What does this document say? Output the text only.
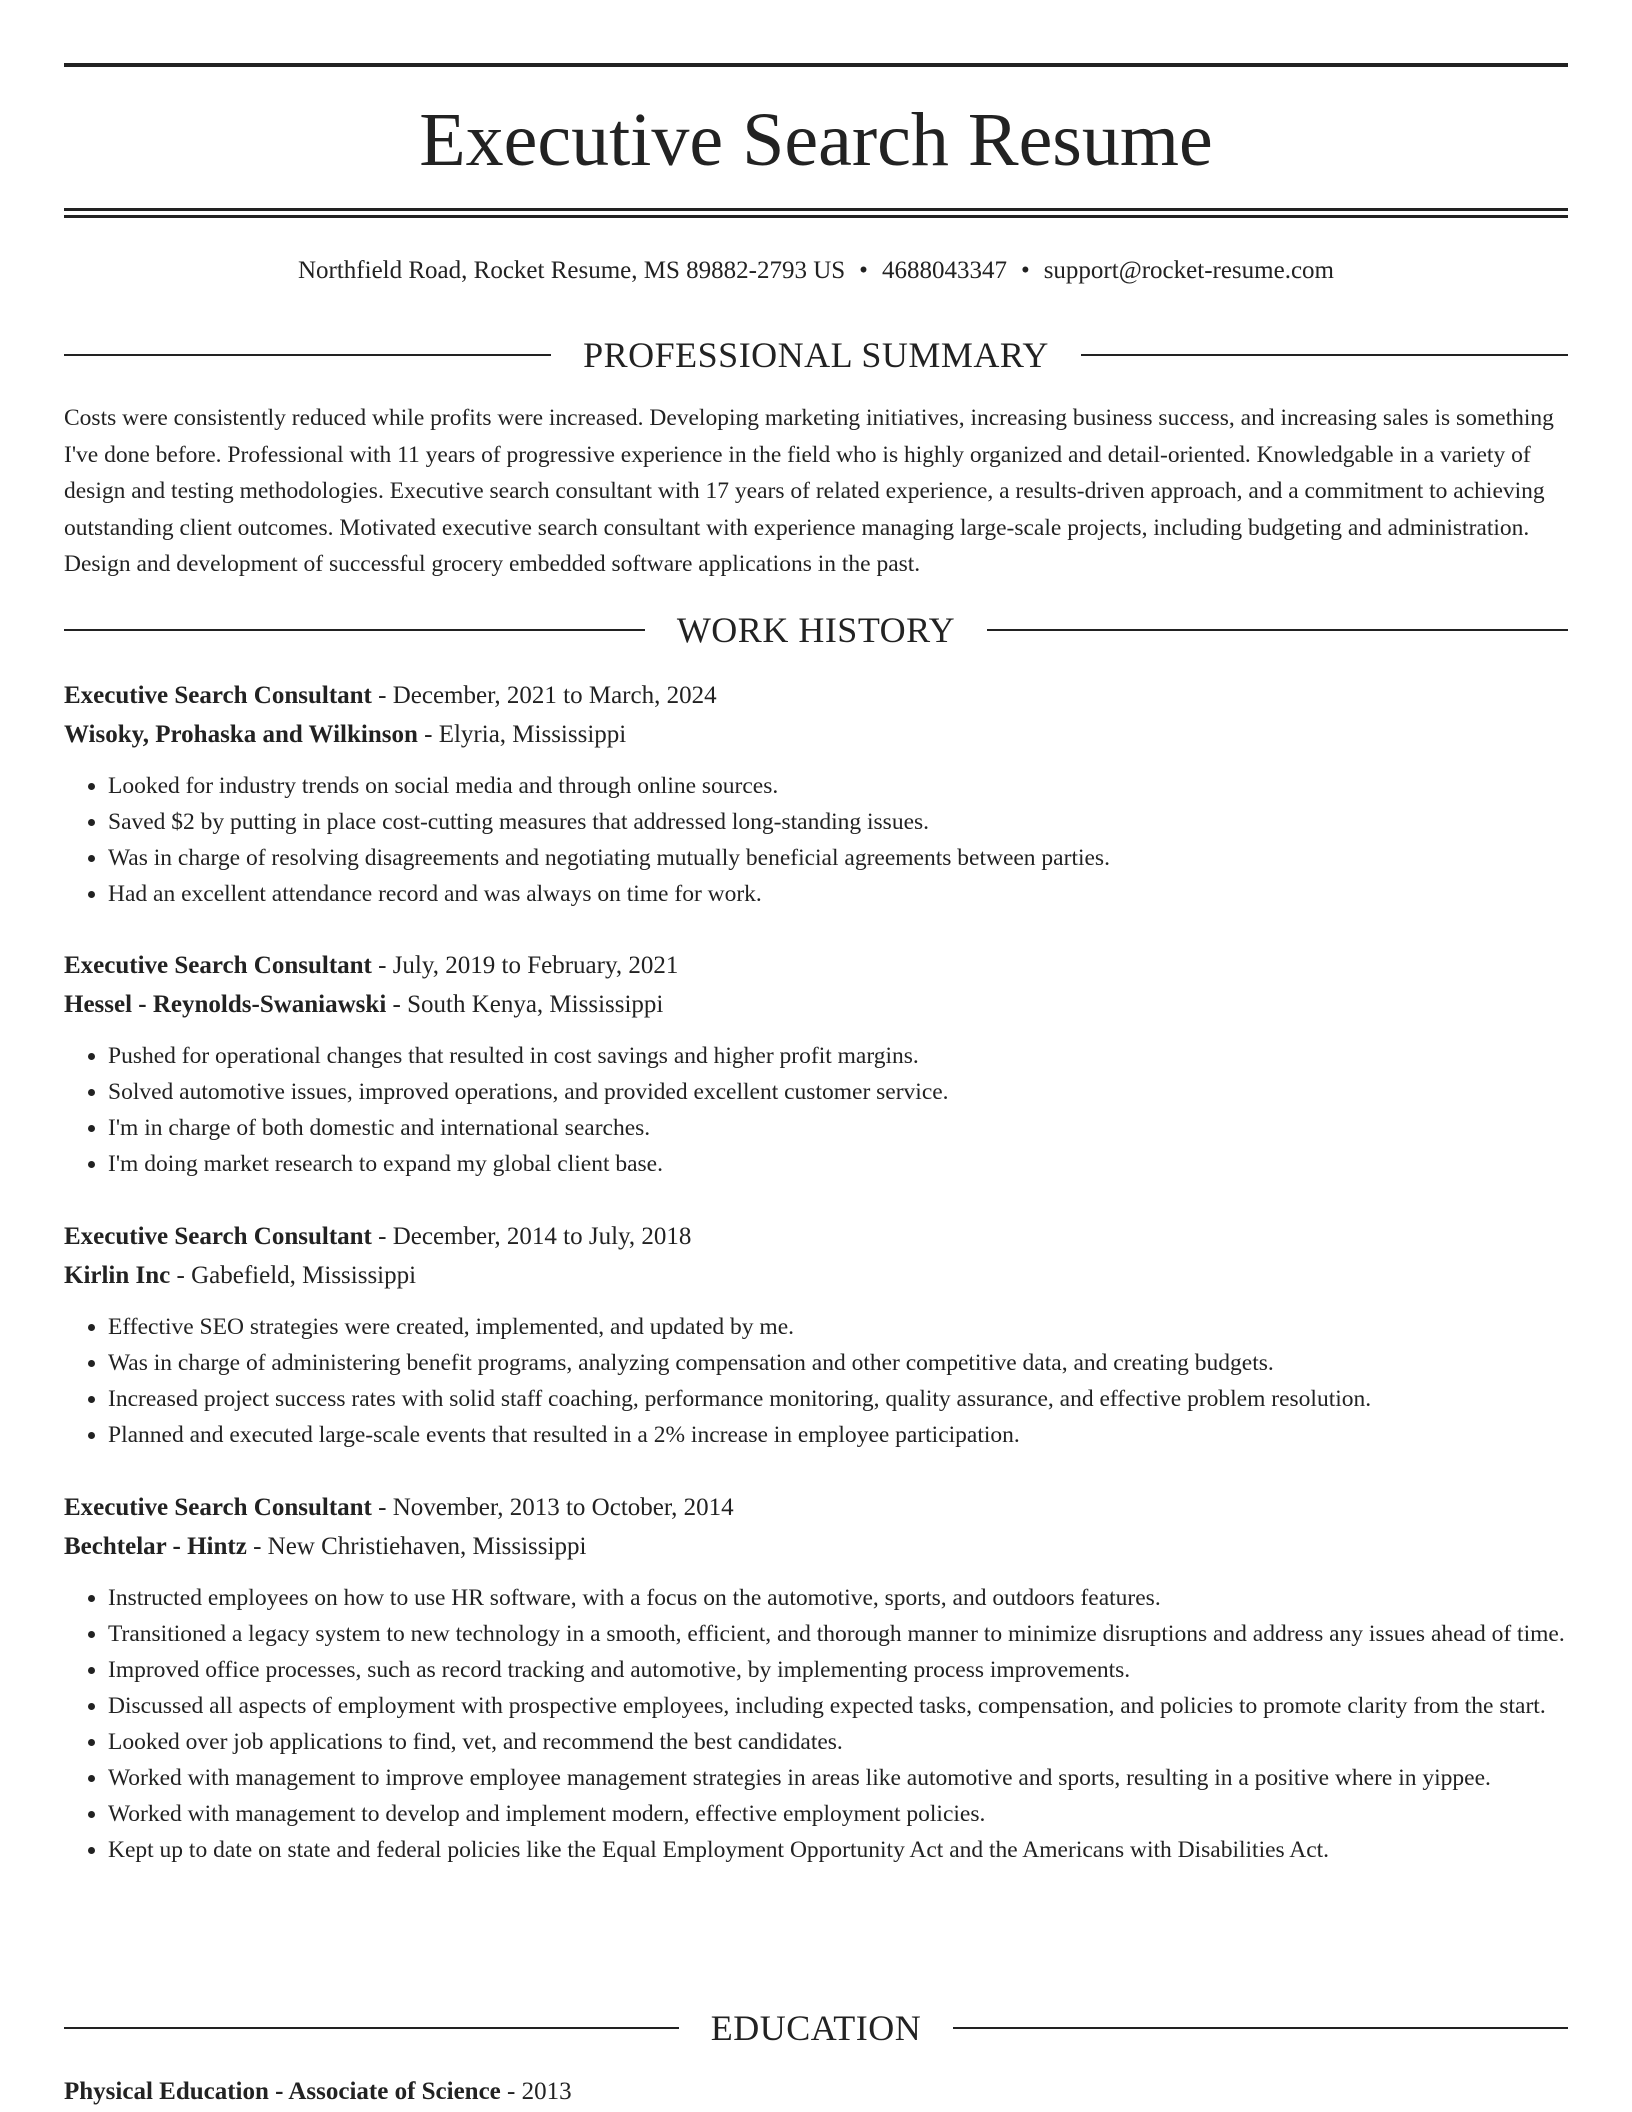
Executive Search Resume
Northfield Road, Rocket Resume, MS 89882-2793 US • 4688043347 • support@rocket-resume.com
PROFESSIONAL SUMMARY

Costs were consistently reduced while profits were increased. Developing marketing initiatives, increasing business success, and increasing sales is something I've done before. Professional with 11 years of progressive experience in the field who is highly organized and detail-oriented. Knowledgable in a variety of design and testing methodologies. Executive search consultant with 17 years of related experience, a results-driven approach, and a commitment to achieving outstanding client outcomes. Motivated executive search consultant with experience managing large-scale projects, including budgeting and administration. Design and development of successful grocery embedded software applications in the past.

WORK HISTORY
Executive Search Consultant - December, 2021 to March, 2024
Wisoky, Prohaska and Wilkinson - Elyria, Mississippi
• Looked for industry trends on social media and through online sources.
• Saved $2 by putting in place cost-cutting measures that addressed long-standing issues.
• Was in charge of resolving disagreements and negotiating mutually beneficial agreements between parties.
• Had an excellent attendance record and was always on time for work.
Executive Search Consultant - July, 2019 to February, 2021
Hessel - Reynolds-Swaniawski - South Kenya, Mississippi
• Pushed for operational changes that resulted in cost savings and higher profit margins.
• Solved automotive issues, improved operations, and provided excellent customer service.
• I'm in charge of both domestic and international searches.
• I'm doing market research to expand my global client base.
Executive Search Consultant - December, 2014 to July, 2018
Kirlin Inc - Gabefield, Mississippi
• Effective SEO strategies were created, implemented, and updated by me.
• Was in charge of administering benefit programs, analyzing compensation and other competitive data, and creating budgets.
• Increased project success rates with solid staff coaching, performance monitoring, quality assurance, and effective problem resolution.
• Planned and executed large-scale events that resulted in a 2% increase in employee participation.
Executive Search Consultant - November, 2013 to October, 2014
Bechtelar - Hintz - New Christiehaven, Mississippi
• Instructed employees on how to use HR software, with a focus on the automotive, sports, and outdoors features.
• Transitioned a legacy system to new technology in a smooth, efficient, and thorough manner to minimize disruptions and address any issues ahead of time.
• Improved office processes, such as record tracking and automotive, by implementing process improvements.
• Discussed all aspects of employment with prospective employees, including expected tasks, compensation, and policies to promote clarity from the start.
• Looked over job applications to find, vet, and recommend the best candidates.
• Worked with management to improve employee management strategies in areas like automotive and sports, resulting in a positive where in yippee.
• Worked with management to develop and implement modern, effective employment policies.
• Kept up to date on state and federal policies like the Equal Employment Opportunity Act and the Americans with Disabilities Act.
EDUCATION
Physical Education - Associate of Science - 2013
